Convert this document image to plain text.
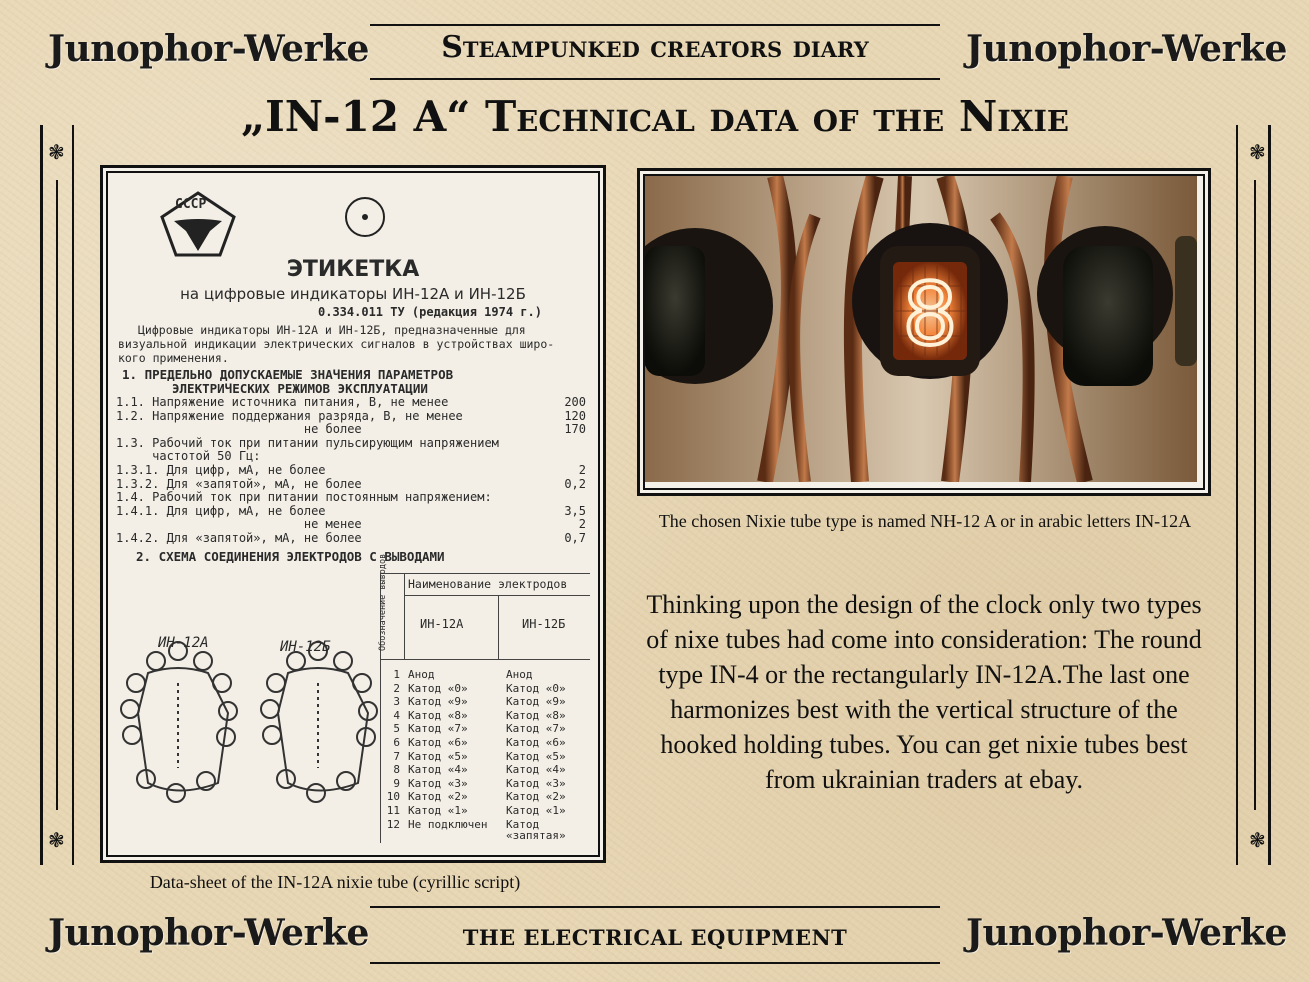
Junophor-Werke	Junophor-Werke
Steampunked creators diary
„IN-12 A“ Technical data of the Nixie
❃
❃
❃
❃
СССР
ЭТИКЕТКА
на цифровые индикаторы ИН-12А и ИН-12Б
0.334.011 ТУ (редакция 1974 г.)
Цифровые индикаторы ИН-12А и ИН-12Б, предназначенные для
визуальной индикации электрических сигналов в устройствах широ-
кого применения.
1. ПРЕДЕЛЬНО ДОПУСКАЕМЫЕ ЗНАЧЕНИЯ ПАРАМЕТРОВ
ЭЛЕКТРИЧЕСКИХ РЕЖИМОВ ЭКСПЛУАТАЦИИ
1.1. Напряжение источника питания, В, не менее	200
1.2. Напряжение поддержания разряда, В, не менее	120
не более	170
1.3. Рабочий ток при питании пульсирующим напряжением
частотой 50 Гц:
1.3.1. Для цифр, мА, не более	2
1.3.2. Для «запятой», мА, не более	0,2
1.4. Рабочий ток при питании постоянным напряжением:
1.4.1. Для цифр, мА, не более	3,5
не менее	2
1.4.2. Для «запятой», мА, не более	0,7
2. СХЕМА СОЕДИНЕНИЯ ЭЛЕКТРОДОВ С ВЫВОДАМИ
ИН-12А	ИН-12Б
Наименование электродов
Обозначение выводов	ИН-12А	ИН-12Б
1 Анод	Анод
2 Катод «0»	Катод «0»
3 Катод «9»	Катод «9»
4 Катод «8»	Катод «8»
5 Катод «7»	Катод «7»
6 Катод «6»	Катод «6»
7 Катод «5»	Катод «5»
8 Катод «4»	Катод «4»
9 Катод «3»	Катод «3»
10 Катод «2»	Катод «2»
11 Катод «1»	Катод «1»
12 Не подключен	Катод «запятая»
Data-sheet of the IN-12A nixie tube (cyrillic script)
8
The chosen Nixie tube type is named NH-12 A or in arabic letters IN-12A
Thinking upon the design of the clock only two types of nixe tubes had come into consideration: The round type IN-4 or the rectangularly IN-12A.The last one harmonizes best with the vertical structure of the hooked holding tubes. You can get nixie tubes best from ukrainian traders at ebay.
Junophor-Werke	Junophor-Werke
THE ELECTRICAL EQUIPMENT
